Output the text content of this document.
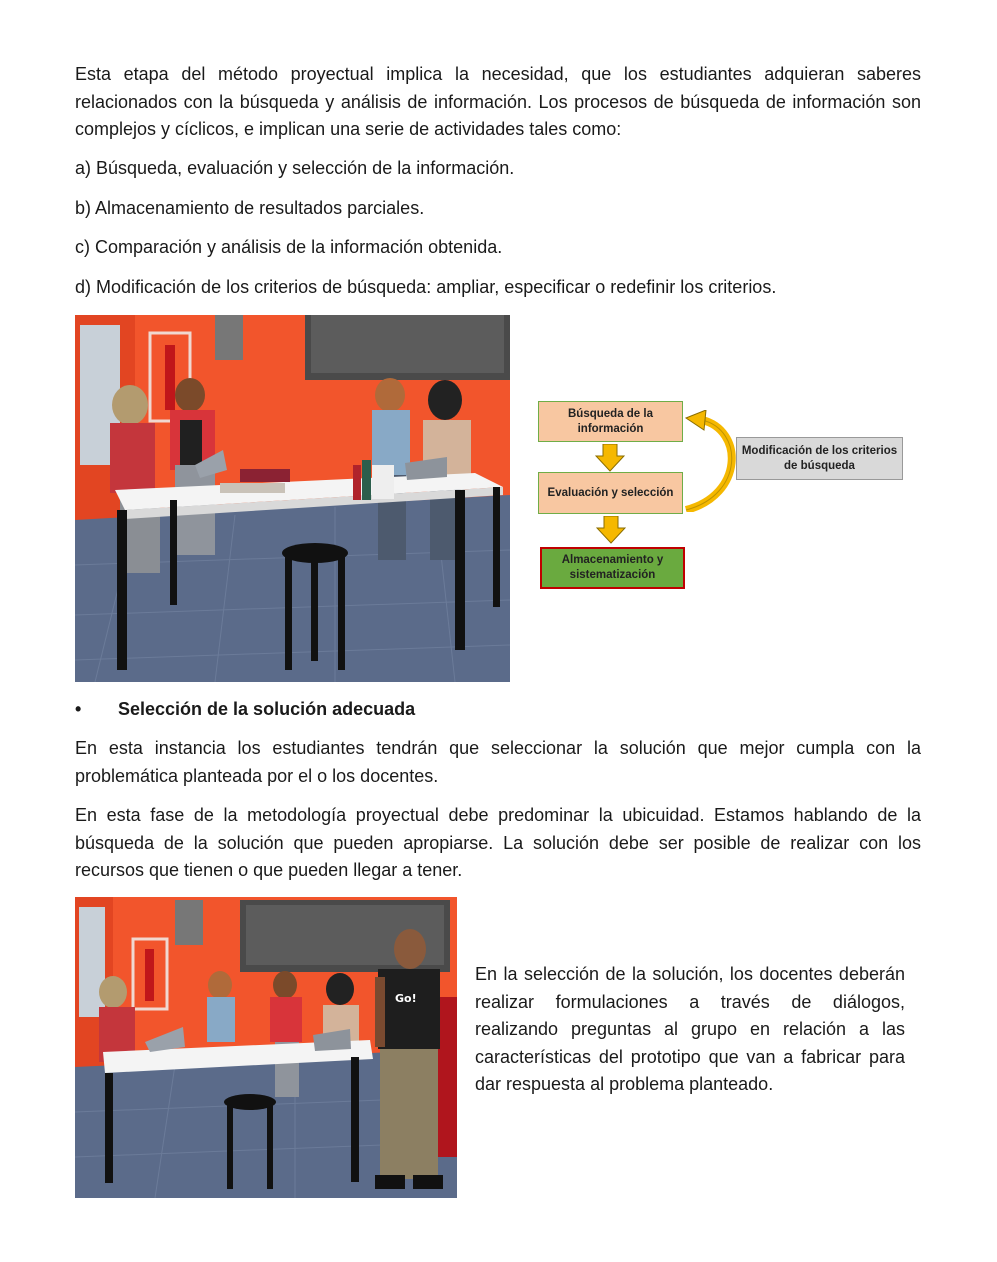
Esta etapa del método proyectual implica la necesidad, que los estudiantes adquieran saberes relacionados con la búsqueda y análisis de información. Los procesos de búsqueda de información son complejos y cíclicos, e implican una serie de actividades tales como:

a) Búsqueda, evaluación y selección de la información.

b) Almacenamiento de resultados parciales.

c) Comparación y análisis de la información obtenida.

d) Modificación de los criterios de búsqueda: ampliar, especificar o redefinir los criterios.

Búsqueda de la información
Evaluación y selección
Almacenamiento y sistematización
Modificación de los criterios de búsqueda
• Selección de la solución adecuada

En esta instancia los estudiantes tendrán que seleccionar la solución que mejor cumpla con la problemática planteada por el o los docentes.

En esta fase de la metodología proyectual debe predominar la ubicuidad. Estamos hablando de la búsqueda de la solución que pueden apropiarse. La solución debe ser posible de realizar con los recursos que tienen o que pueden llegar a tener.

Go!

En la selección de la solución, los docentes deberán realizar formulaciones a través de diálogos, realizando preguntas al grupo en relación a las características del prototipo que van a fabricar para dar respuesta al problema planteado.
